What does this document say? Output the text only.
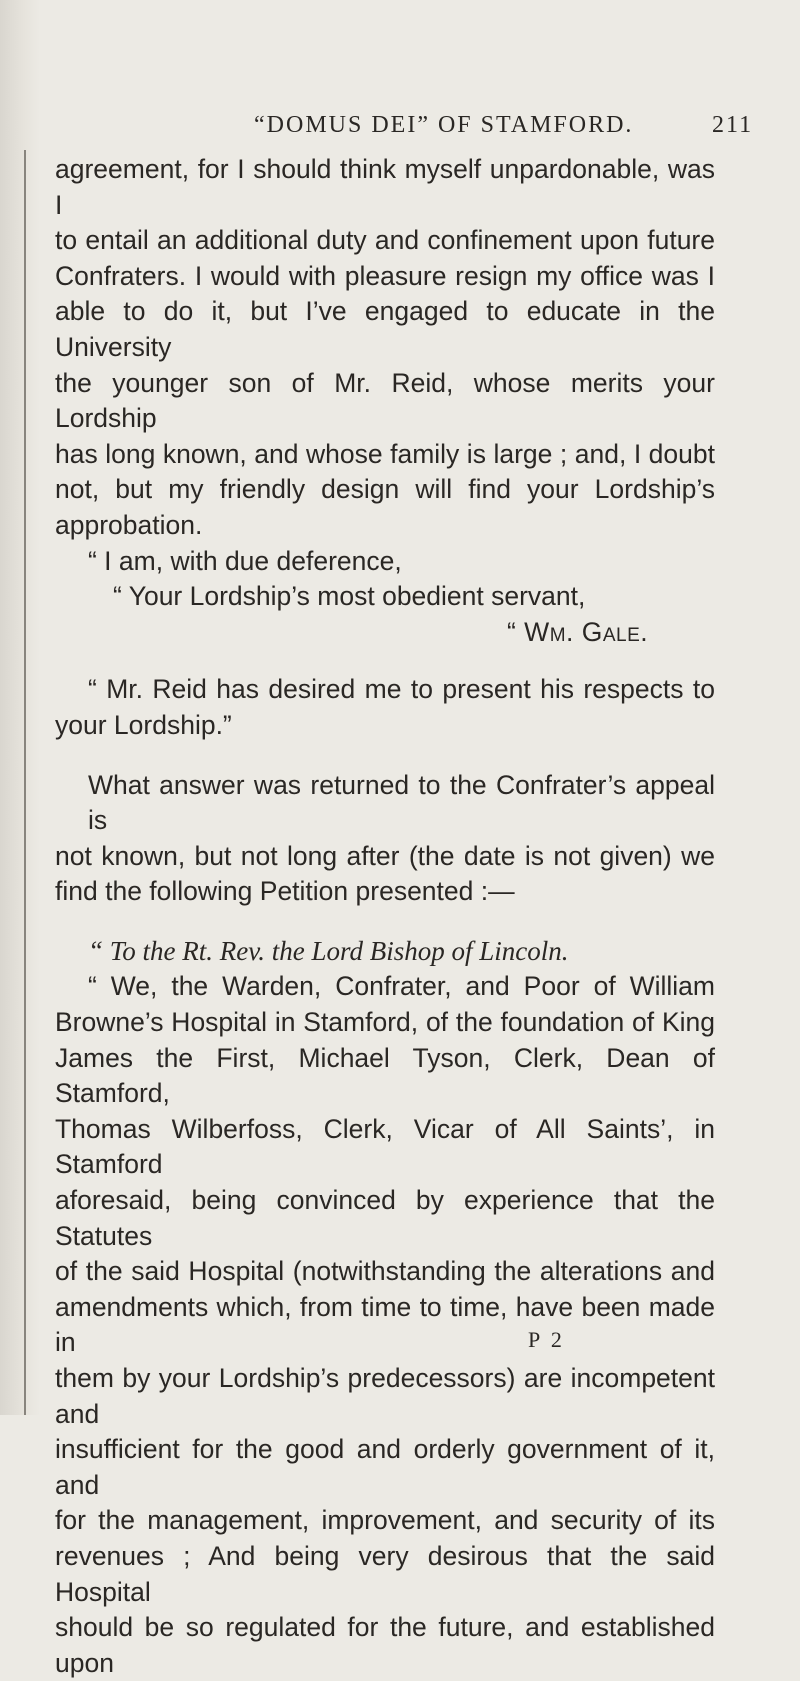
“DOMUS DEI” OF STAMFORD.	211
agreement, for I should think myself unpardonable, was I
to entail an additional duty and confinement upon future
Confraters. I would with pleasure resign my office was I
able to do it, but I’ve engaged to educate in the University
the younger son of Mr. Reid, whose merits your Lordship
has long known, and whose family is large ; and, I doubt
not, but my friendly design will find your Lordship’s
approbation.
“ I am, with due deference,
“ Your Lordship’s most obedient servant,
“ Wm. Gale.
“ Mr. Reid has desired me to present his respects to
your Lordship.”
What answer was returned to the Confrater’s appeal is
not known, but not long after (the date is not given) we
find the following Petition presented :—
“ To the Rt. Rev. the Lord Bishop of Lincoln.
“ We, the Warden, Confrater, and Poor of William
Browne’s Hospital in Stamford, of the foundation of King
James the First, Michael Tyson, Clerk, Dean of Stamford,
Thomas Wilberfoss, Clerk, Vicar of All Saints’, in Stamford
aforesaid, being convinced by experience that the Statutes
of the said Hospital (notwithstanding the alterations and
amendments which, from time to time, have been made in
them by your Lordship’s predecessors) are incompetent and
insufficient for the good and orderly government of it, and
for the management, improvement, and security of its
revenues ; And being very desirous that the said Hospital
should be so regulated for the future, and established upon
P 2
